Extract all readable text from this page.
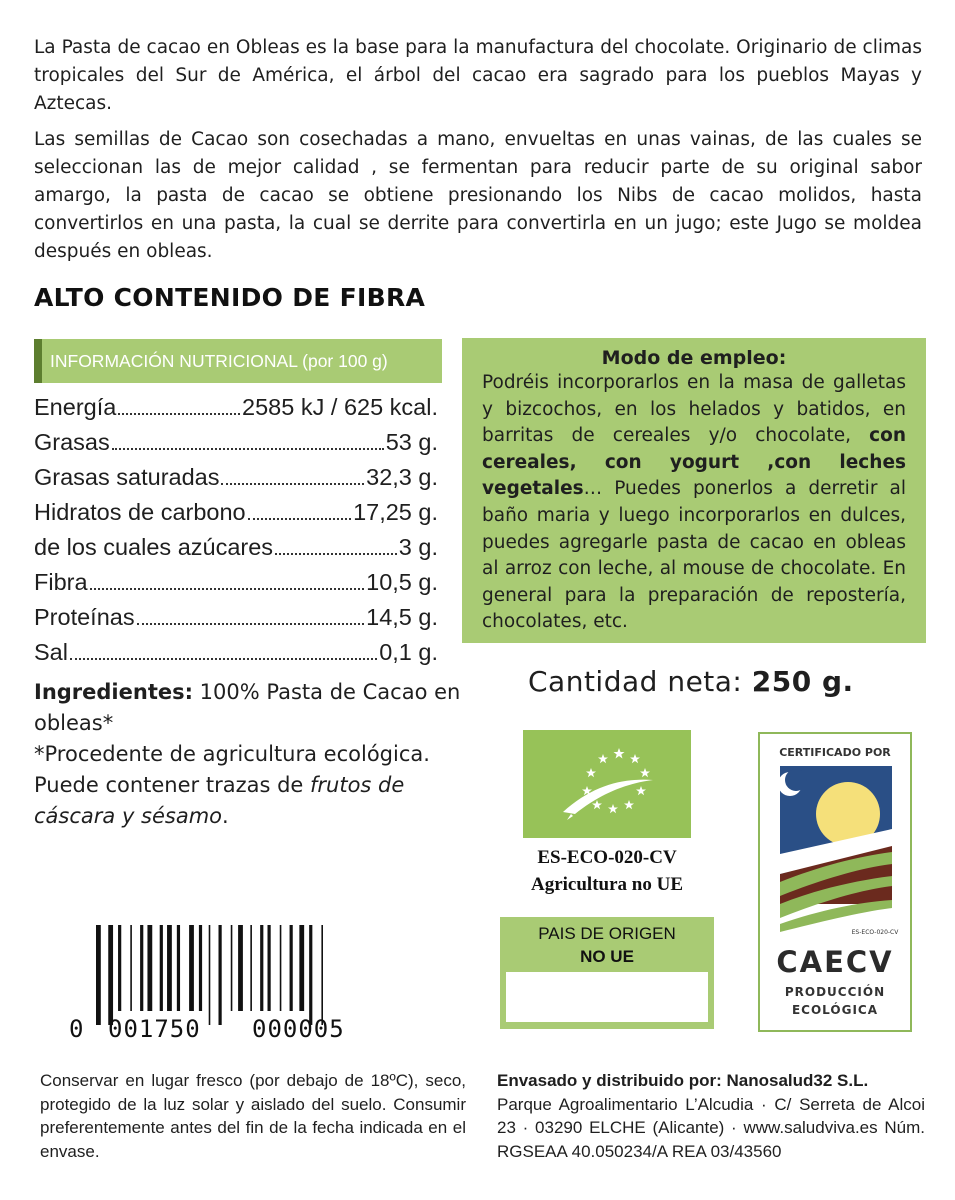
La Pasta de cacao en Obleas es la base para la manufactura del chocolate. Originario de climas tropicales del Sur de América, el árbol del cacao era sagrado para los pueblos Mayas y Aztecas.

Las semillas de Cacao son cosechadas a mano, envueltas en unas vainas, de las cuales se seleccionan las de mejor calidad , se fermentan para reducir parte de su original sabor amargo, la pasta de cacao se obtiene presionando los Nibs de cacao molidos, hasta convertirlos en una pasta, la cual se derrite para convertirla en un jugo; este Jugo se moldea después en obleas.

ALTO CONTENIDO DE FIBRA
INFORMACIÓN NUTRICIONAL (por 100 g)
Energía	2585 kJ / 625 kcal.
Grasas	53 g.
Grasas saturadas	32,3 g.
Hidratos de carbono	17,25 g.
de los cuales azúcares	3 g.
Fibra	10,5 g.
Proteínas	14,5 g.
Sal	0,1 g.
Modo de empleo:
Podréis incorporarlos en la masa de galletas y bizcochos, en los helados y batidos, en barritas de cereales y/o chocolate, con cereales, con yogurt ,con leches vegetales… Puedes ponerlos a derretir al baño maria y luego incorporarlos en dulces, puedes agregarle pasta de cacao en obleas al arroz con leche, al mouse de chocolate. En general para la preparación de repostería, chocolates, etc.
Ingredientes: 100% Pasta de Cacao en obleas*
*Procedente de agricultura ecológica.
Puede contener trazas de frutos de cáscara y sésamo.
Cantidad neta: 250 g.
ES-ECO-020-CV
Agricultura no UE
PAIS DE ORIGEN
NO UE
CERTIFICADO POR
ES-ECO-020-CV
CAECV
PRODUCCIÓN
ECOLÓGICA
0 001750 000005
Conservar en lugar fresco (por debajo de 18ºC), seco, protegido de la luz solar y aislado del suelo. Consumir preferentemente antes del fin de la fecha indicada en el envase.
Envasado y distribuido por: Nanosalud32 S.L.
Parque Agroalimentario L’Alcudia · C/ Serreta de Alcoi 23 · 03290 ELCHE (Alicante) · www.saludviva.es Núm. RGSEAA 40.050234/A REA 03/43560
